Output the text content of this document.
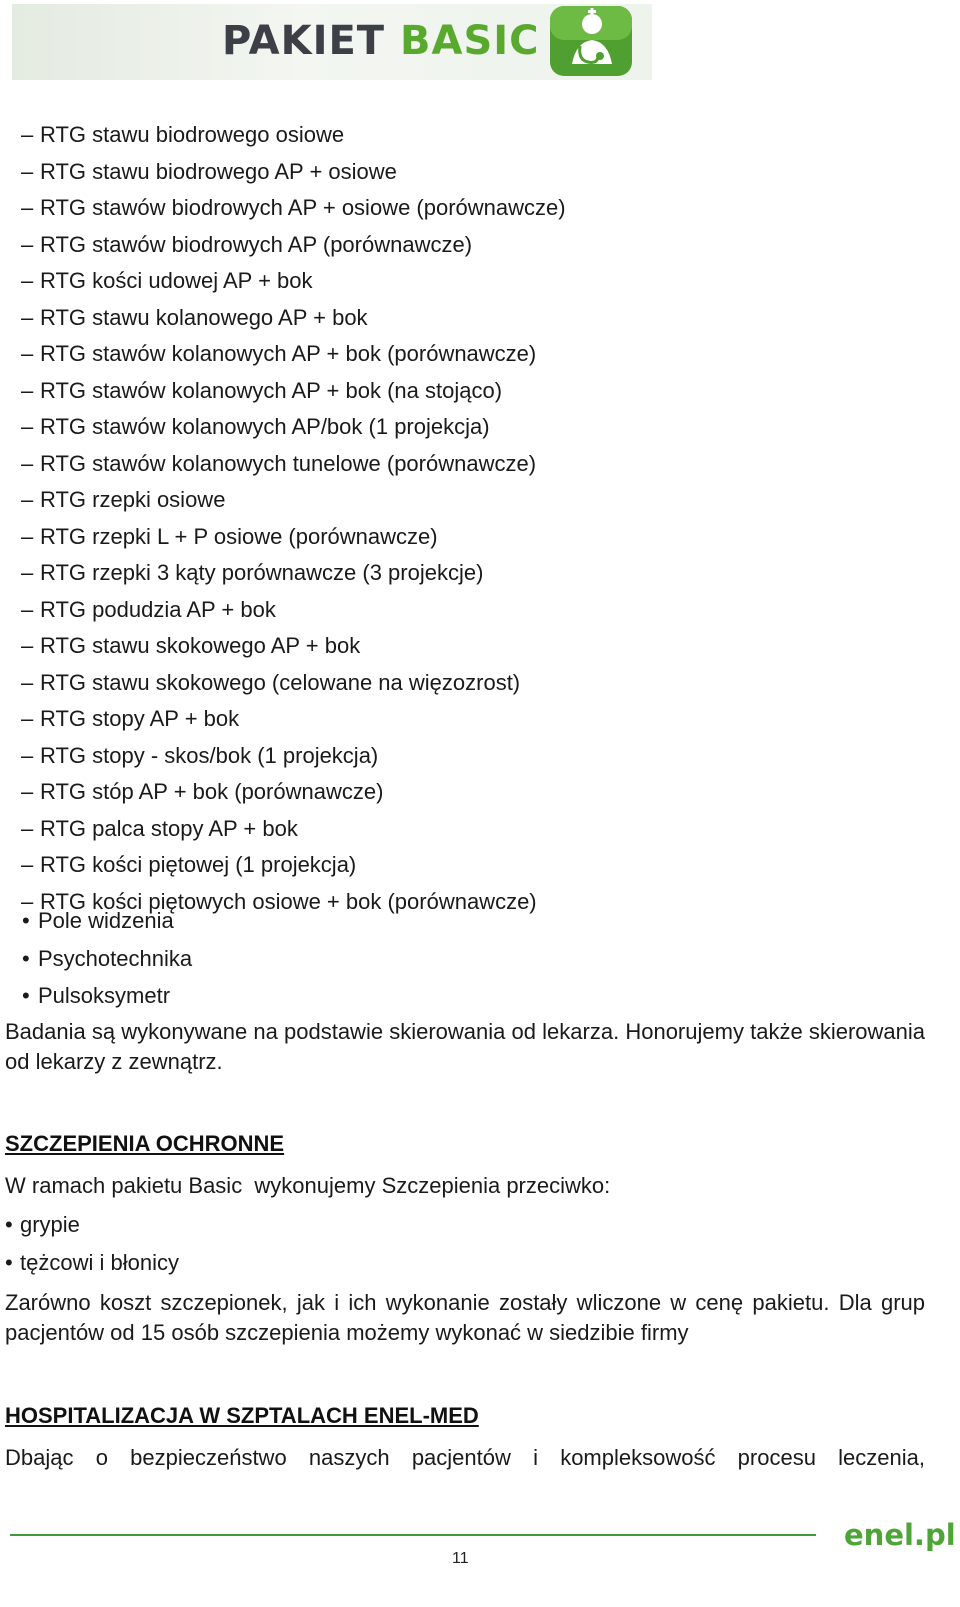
PAKIET BASIC
– RTG stawu biodrowego osiowe
– RTG stawu biodrowego AP + osiowe
– RTG stawów biodrowych AP + osiowe (porównawcze)
– RTG stawów biodrowych AP (porównawcze)
– RTG kości udowej AP + bok
– RTG stawu kolanowego AP + bok
– RTG stawów kolanowych AP + bok (porównawcze)
– RTG stawów kolanowych AP + bok (na stojąco)
– RTG stawów kolanowych AP/bok (1 projekcja)
– RTG stawów kolanowych tunelowe (porównawcze)
– RTG rzepki osiowe
– RTG rzepki L + P osiowe (porównawcze)
– RTG rzepki 3 kąty porównawcze (3 projekcje)
– RTG podudzia AP + bok
– RTG stawu skokowego AP + bok
– RTG stawu skokowego (celowane na więzozrost)
– RTG stopy AP + bok
– RTG stopy - skos/bok (1 projekcja)
– RTG stóp AP + bok (porównawcze)
– RTG palca stopy AP + bok
– RTG kości piętowej (1 projekcja)
– RTG kości piętowych osiowe + bok (porównawcze)
• Pole widzenia
• Psychotechnika
• Pulsoksymetr
Badania są wykonywane na podstawie skierowania od lekarza. Honorujemy także skierowania od lekarzy z zewnątrz.
SZCZEPIENIA OCHRONNE
W ramach pakietu Basic  wykonujemy Szczepienia przeciwko:
• grypie
• tężcowi i błonicy
Zarówno koszt szczepionek, jak i ich wykonanie zostały wliczone w cenę pakietu. Dla grup pacjentów od 15 osób szczepienia możemy wykonać w siedzibie firmy
HOSPITALIZACJA W SZPTALACH ENEL-MED
Dbając o bezpieczeństwo naszych pacjentów i kompleksowość procesu leczenia,
enel.pl
11
